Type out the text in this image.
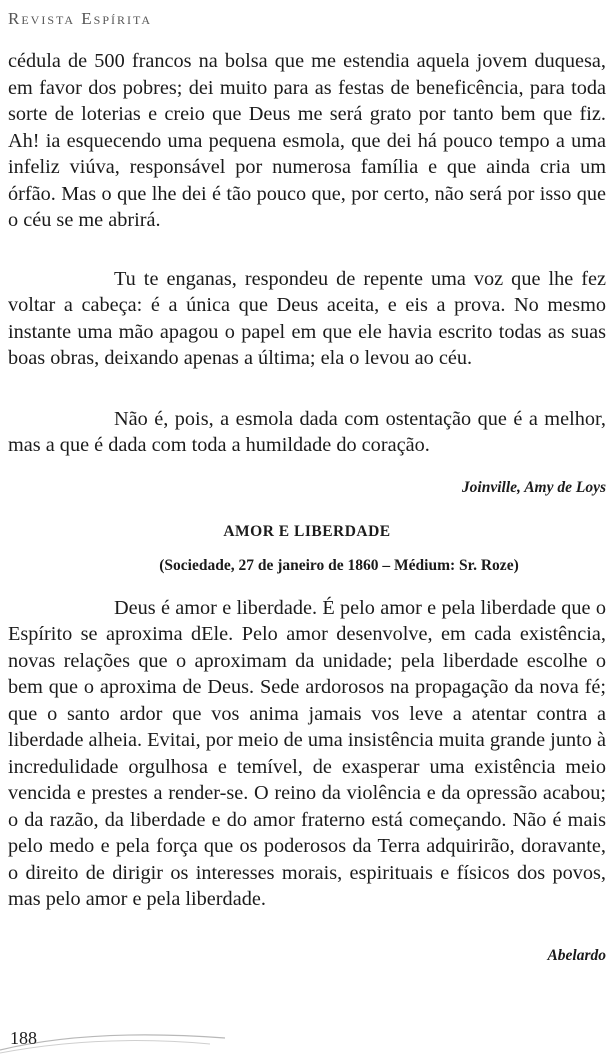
Revista Espírita

cédula de 500 francos na bolsa que me estendia aquela jovem duquesa, em favor dos pobres; dei muito para as festas de beneficência, para toda sorte de loterias e creio que Deus me será grato por tanto bem que fiz. Ah! ia esquecendo uma pequena esmola, que dei há pouco tempo a uma infeliz viúva, responsável por numerosa família e que ainda cria um órfão. Mas o que lhe dei é tão pouco que, por certo, não será por isso que o céu se me abrirá.

Tu te enganas, respondeu de repente uma voz que lhe fez voltar a cabeça: é a única que Deus aceita, e eis a prova. No mesmo instante uma mão apagou o papel em que ele havia escrito todas as suas boas obras, deixando apenas a última; ela o levou ao céu.

Não é, pois, a esmola dada com ostentação que é a melhor, mas a que é dada com toda a humildade do coração.

Joinville, Amy de Loys

AMOR E LIBERDADE

(Sociedade, 27 de janeiro de 1860 – Médium: Sr. Roze)

Deus é amor e liberdade. É pelo amor e pela liberdade que o Espírito se aproxima dEle. Pelo amor desenvolve, em cada existência, novas relações que o aproximam da unidade; pela liberdade escolhe o bem que o aproxima de Deus. Sede ardorosos na propagação da nova fé; que o santo ardor que vos anima jamais vos leve a atentar contra a liberdade alheia. Evitai, por meio de uma insistência muita grande junto à incredulidade orgulhosa e temível, de exasperar uma existência meio vencida e prestes a render-se. O reino da violência e da opressão acabou; o da razão, da liberdade e do amor fraterno está começando. Não é mais pelo medo e pela força que os poderosos da Terra adquirirão, doravante, o direito de dirigir os interesses morais, espirituais e físicos dos povos, mas pelo amor e pela liberdade.

Abelardo

188
